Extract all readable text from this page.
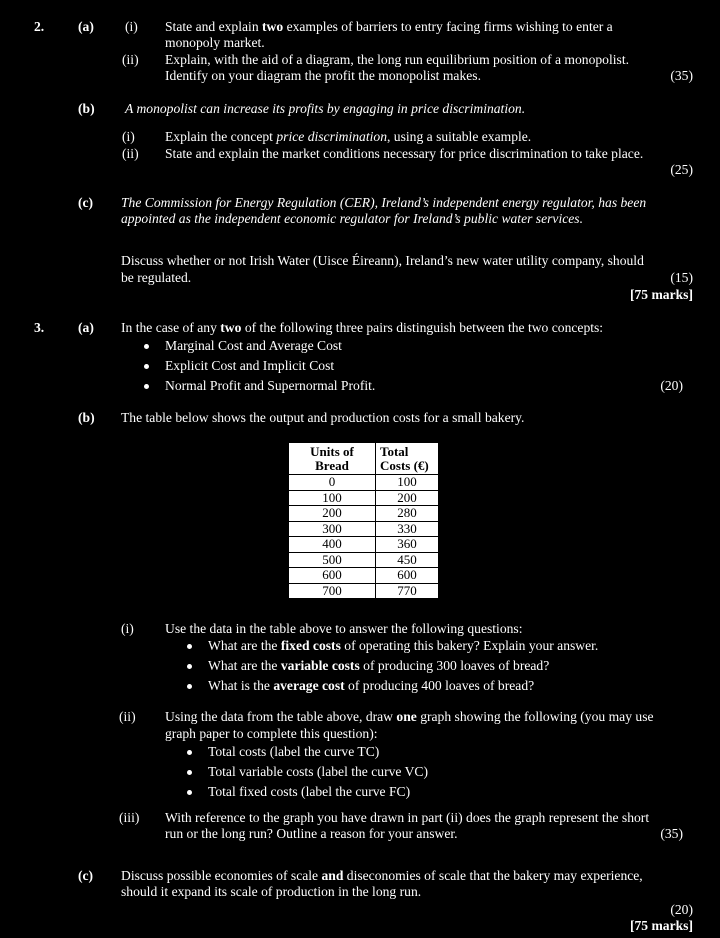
2. (a) (i) State and explain two examples of barriers to entry facing firms wishing to enter a
monopoly market.
(ii) Explain, with the aid of a diagram, the long run equilibrium position of a monopolist.
Identify on your diagram the profit the monopolist makes.	(35)
(b) A monopolist can increase its profits by engaging in price discrimination.
(i) Explain the concept price discrimination, using a suitable example.
(ii) State and explain the market conditions necessary for price discrimination to take place.
(25)
(c) The Commission for Energy Regulation (CER), Ireland’s independent energy regulator, has been
appointed as the independent economic regulator for Ireland’s public water services.
Discuss whether or not Irish Water (Uisce Éireann), Ireland’s new water utility company, should
be regulated.	(15)
[75 marks]
3. (a) In the case of any two of the following three pairs distinguish between the two concepts:
Marginal Cost and Average Cost
Explicit Cost and Implicit Cost
Normal Profit and Supernormal Profit.	(20)
(b) The table below shows the output and production costs for a small bakery.
Units of
Bread	Total
Costs (€)
0	100
100	200
200	280
300	330
400	360
500	450
600	600
700	770
(i) Use the data in the table above to answer the following questions:
What are the fixed costs of operating this bakery? Explain your answer.
What are the variable costs of producing 300 loaves of bread?
What is the average cost of producing 400 loaves of bread?
(ii) Using the data from the table above, draw one graph showing the following (you may use
graph paper to complete this question):
Total costs (label the curve TC)
Total variable costs (label the curve VC)
Total fixed costs (label the curve FC)
(iii) With reference to the graph you have drawn in part (ii) does the graph represent the short
run or the long run? Outline a reason for your answer.	(35)
(c) Discuss possible economies of scale and diseconomies of scale that the bakery may experience,
should it expand its scale of production in the long run.
(20)
[75 marks]
